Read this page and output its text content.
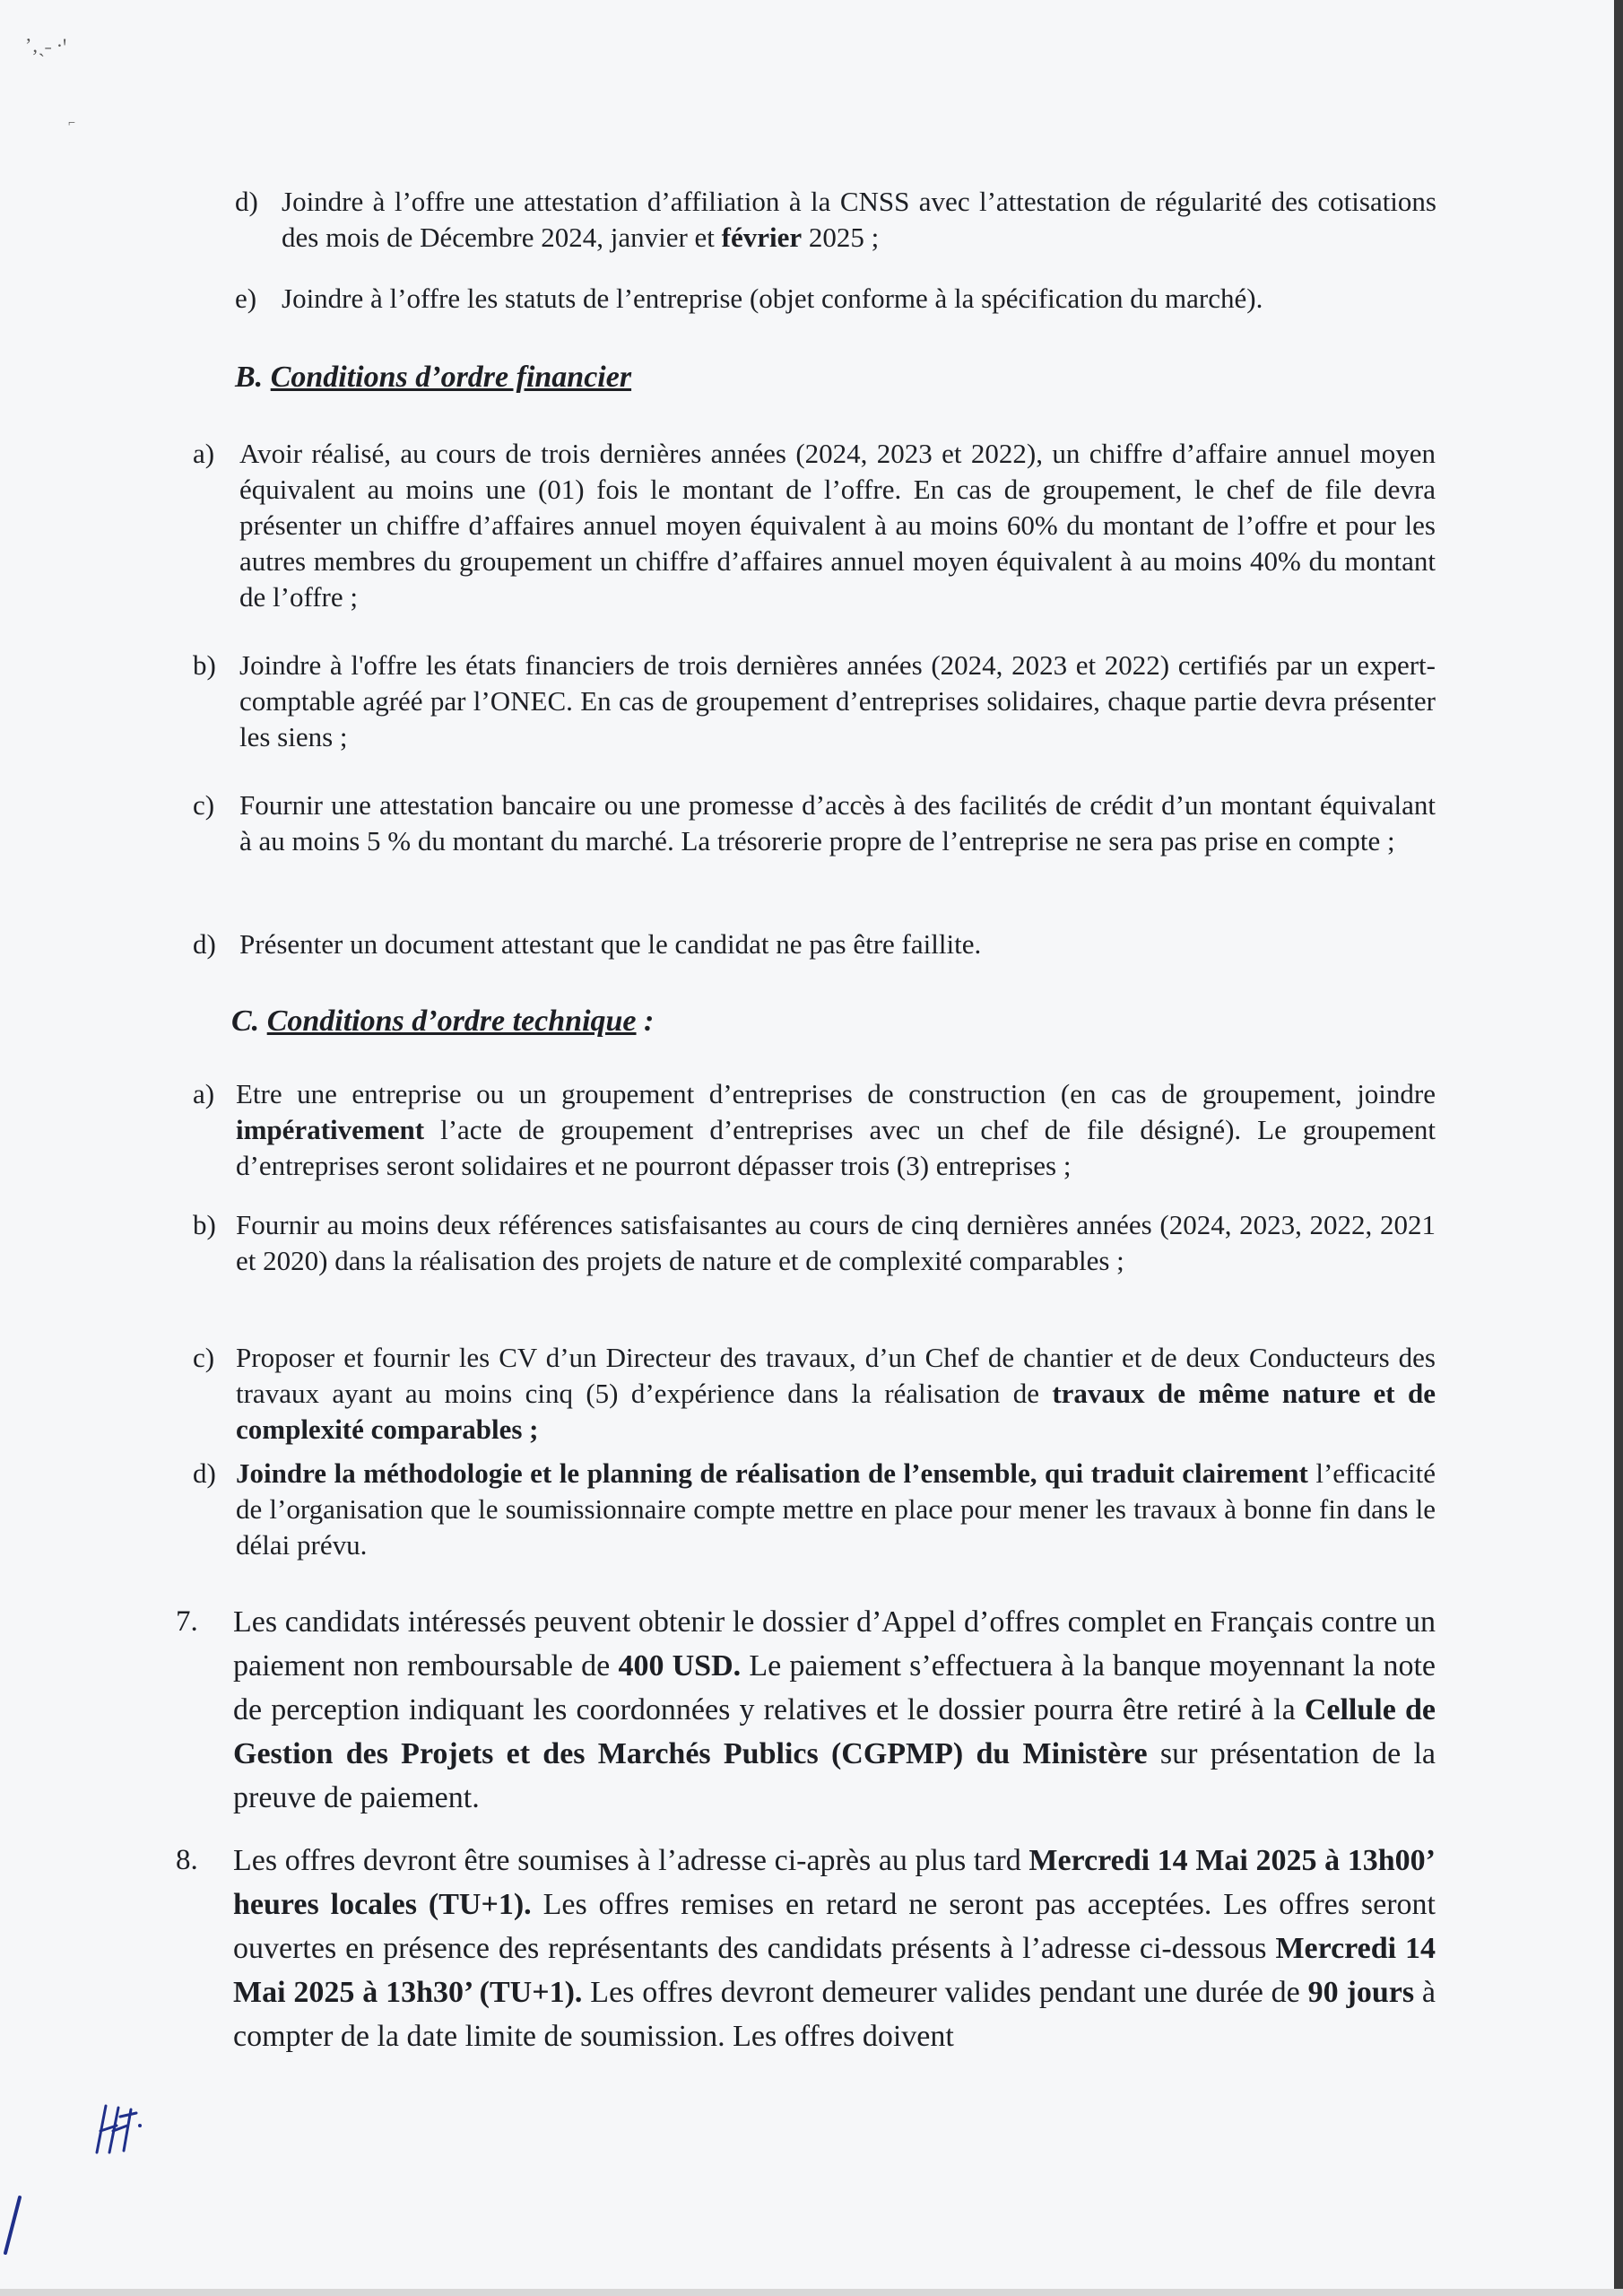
ʼ‚ˏ˗ ·ꞌ
⌐
d) Joindre à l’offre une attestation d’affiliation à la CNSS avec l’attestation de régularité des cotisations des mois de Décembre 2024, janvier et février 2025 ;
e) Joindre à l’offre les statuts de l’entreprise (objet conforme à la spécification du marché).
B. Conditions d’ordre financier
a) Avoir réalisé, au cours de trois dernières années (2024, 2023 et 2022), un chiffre d’affaire annuel moyen équivalent au moins une (01) fois le montant de l’offre. En cas de groupement, le chef de file devra présenter un chiffre d’affaires annuel moyen équivalent à au moins 60% du montant de l’offre et pour les autres membres du groupement un chiffre d’affaires annuel moyen équivalent à au moins 40% du montant de l’offre ;
b) Joindre à l'offre les états financiers de trois dernières années (2024, 2023 et 2022) certifiés par un expert-comptable agréé par l’ONEC. En cas de groupement d’entreprises solidaires, chaque partie devra présenter les siens ;
c) Fournir une attestation bancaire ou une promesse d’accès à des facilités de crédit d’un montant équivalant à au moins 5 % du montant du marché. La trésorerie propre de l’entreprise ne sera pas prise en compte ;
d) Présenter un document attestant que le candidat ne pas être faillite.
C. Conditions d’ordre technique :
a) Etre une entreprise ou un groupement d’entreprises de construction (en cas de groupement, joindre impérativement l’acte de groupement d’entreprises avec un chef de file désigné). Le groupement d’entreprises seront solidaires et ne pourront dépasser trois (3) entreprises ;
b) Fournir au moins deux références satisfaisantes au cours de cinq dernières années (2024, 2023, 2022, 2021 et 2020) dans la réalisation des projets de nature et de complexité comparables ;
c) Proposer et fournir les CV d’un Directeur des travaux, d’un Chef de chantier et de deux Conducteurs des travaux ayant au moins cinq (5) d’expérience dans la réalisation de travaux de même nature et de complexité comparables ;
d) Joindre la méthodologie et le planning de réalisation de l’ensemble, qui traduit clairement l’efficacité de l’organisation que le soumissionnaire compte mettre en place pour mener les travaux à bonne fin dans le délai prévu.
7.	Les candidats intéressés peuvent obtenir le dossier d’Appel d’offres complet en Français contre un paiement non remboursable de 400 USD. Le paiement s’effectuera à la banque moyennant la note de perception indiquant les coordonnées y relatives et le dossier pourra être retiré à la Cellule de Gestion des Projets et des Marchés Publics (CGPMP) du Ministère sur présentation de la preuve de paiement.
8.	Les offres devront être soumises à l’adresse ci-après au plus tard Mercredi 14 Mai 2025 à 13h00’ heures locales (TU+1). Les offres remises en retard ne seront pas acceptées. Les offres seront ouvertes en présence des représentants des candidats présents à l’adresse ci-dessous Mercredi 14 Mai 2025 à 13h30’ (TU+1). Les offres devront demeurer valides pendant une durée de 90 jours à compter de la date limite de soumission. Les offres doivent
